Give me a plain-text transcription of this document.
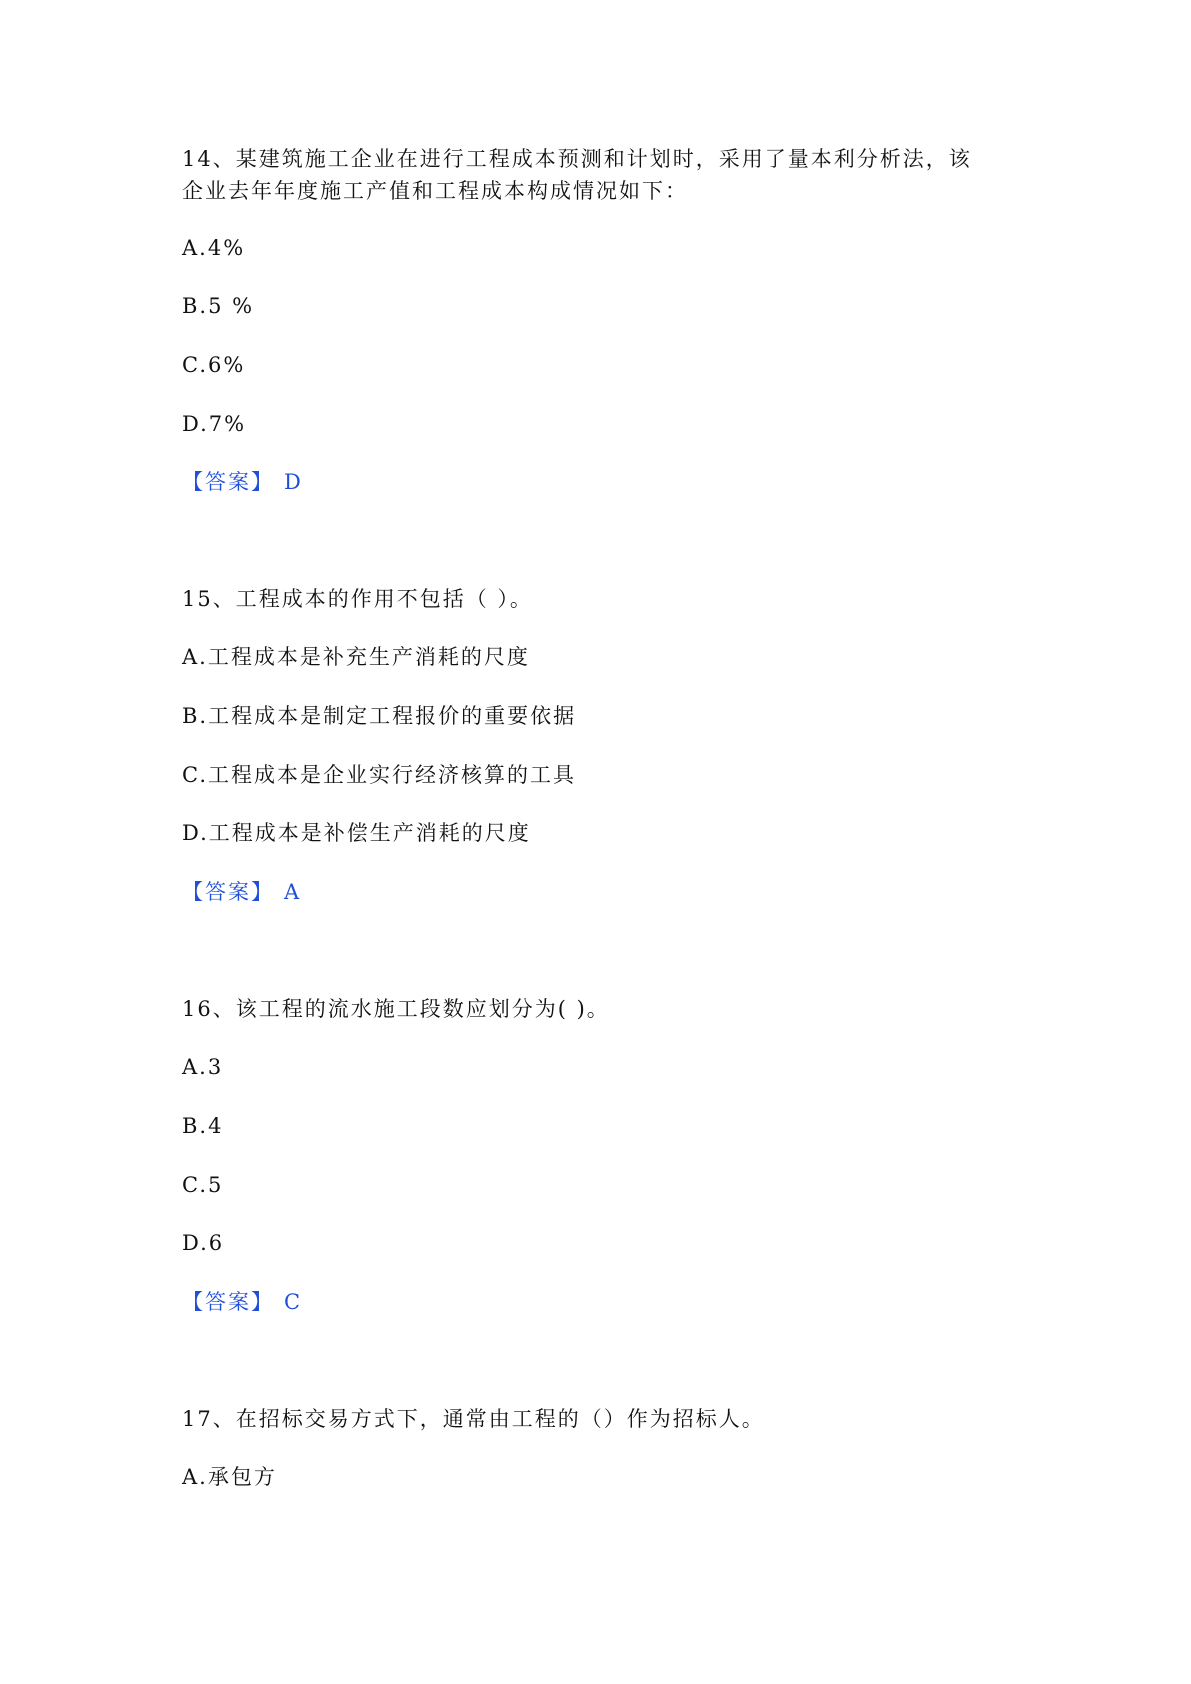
14、某建筑施工企业在进行工程成本预测和计划时，采用了量本利分析法，该
企业去年年度施工产值和工程成本构成情况如下：
A.4%
B.5 %
C.6%
D.7%
【答案】 D
15、工程成本的作用不包括（ ）。
A.工程成本是补充生产消耗的尺度
B.工程成本是制定工程报价的重要依据
C.工程成本是企业实行经济核算的工具
D.工程成本是补偿生产消耗的尺度
【答案】 A
16、该工程的流水施工段数应划分为( )。
A.3
B.4
C.5
D.6
【答案】 C
17、在招标交易方式下，通常由工程的（）作为招标人。
A.承包方
